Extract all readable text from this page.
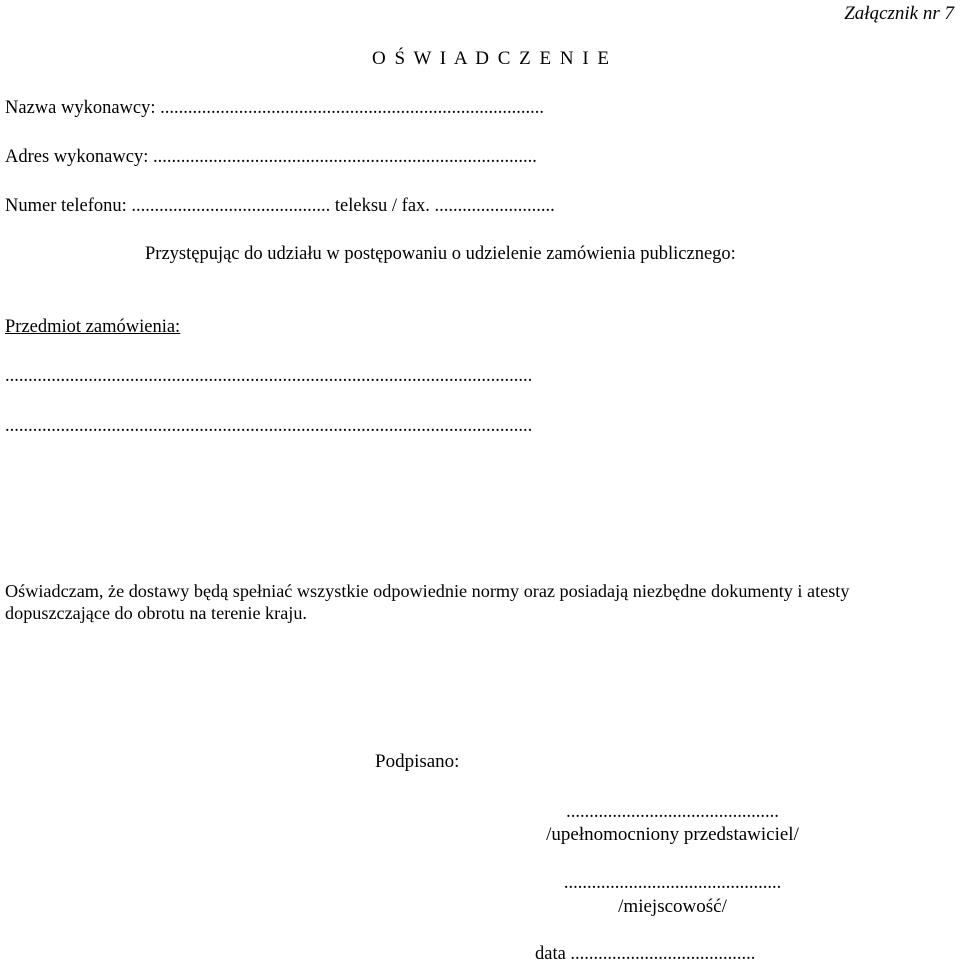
Załącznik nr 7
O Ś W I A D C Z E N I E
Nazwa wykonawcy: ...................................................................................
Adres wykonawcy: ...................................................................................
Numer telefonu: ........................................... teleksu / fax. ..........................
Przystępując do udziału w postępowaniu o udzielenie zamówienia publicznego:
Przedmiot zamówienia:
..................................................................................................................
..................................................................................................................
Oświadczam, że dostawy będą spełniać wszystkie odpowiednie normy oraz posiadają niezbędne dokumenty i atesty dopuszczające do obrotu na terenie kraju.
Podpisano:
..............................................
/upełnomocniony przedstawiciel/
...............................................
/miejscowość/
data ........................................
